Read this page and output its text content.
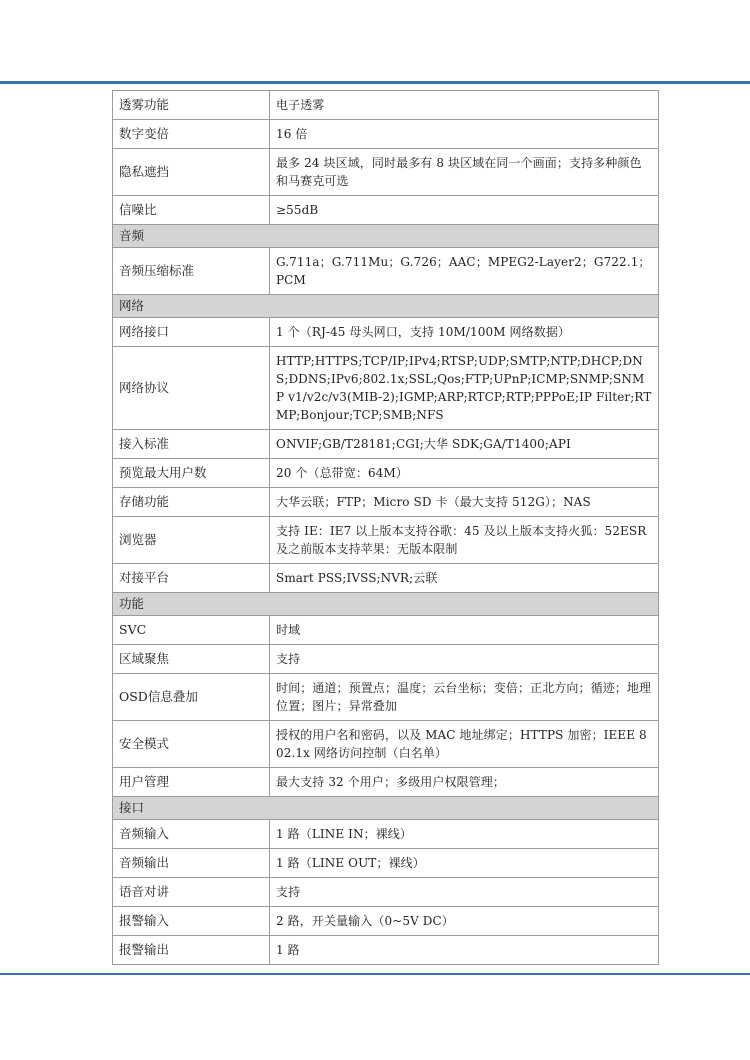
透雾功能	电子透雾
数字变倍	16 倍
隐私遮挡	最多 24 块区域，同时最多有 8 块区域在同一个画面；支持多种颜色和马赛克可选
信噪比	≥55dB
音频	
音频压缩标准	G.711a；G.711Mu；G.726；AAC；MPEG2-Layer2；G722.1；PCM
网络	
网络接口	1 个（RJ-45 母头网口，支持 10M/100M 网络数据）
网络协议	HTTP;HTTPS;TCP/IP;IPv4;RTSP;UDP;SMTP;NTP;DHCP;DNS;DDNS;IPv6;802.1x;SSL;Qos;FTP;UPnP;ICMP;SNMP;SNMP v1/v2c/v3(MIB-2);IGMP;ARP;RTCP;RTP;PPPoE;IP Filter;RTMP;Bonjour;TCP;SMB;NFS
接入标准	ONVIF;GB/T28181;CGI;大华 SDK;GA/T1400;API
预览最大用户数	20 个（总带宽：64M）
存储功能	大华云联；FTP；Micro SD 卡（最大支持 512G）；NAS
浏览器	支持 IE：IE7 以上版本支持谷歌：45 及以上版本支持火狐：52ESR 及之前版本支持苹果：无版本限制
对接平台	Smart PSS;IVSS;NVR;云联
功能	
SVC	时域
区域聚焦	支持
OSD信息叠加	时间；通道；预置点；温度；云台坐标；变倍；正北方向；循迹；地理位置；图片；异常叠加
安全模式	授权的用户名和密码，以及 MAC 地址绑定；HTTPS 加密；IEEE 802.1x 网络访问控制（白名单）
用户管理	最大支持 32 个用户；多级用户权限管理；
接口	
音频输入	1 路（LINE IN；裸线）
音频输出	1 路（LINE OUT；裸线）
语音对讲	支持
报警输入	2 路，开关量输入（0~5V DC）
报警输出	1 路
